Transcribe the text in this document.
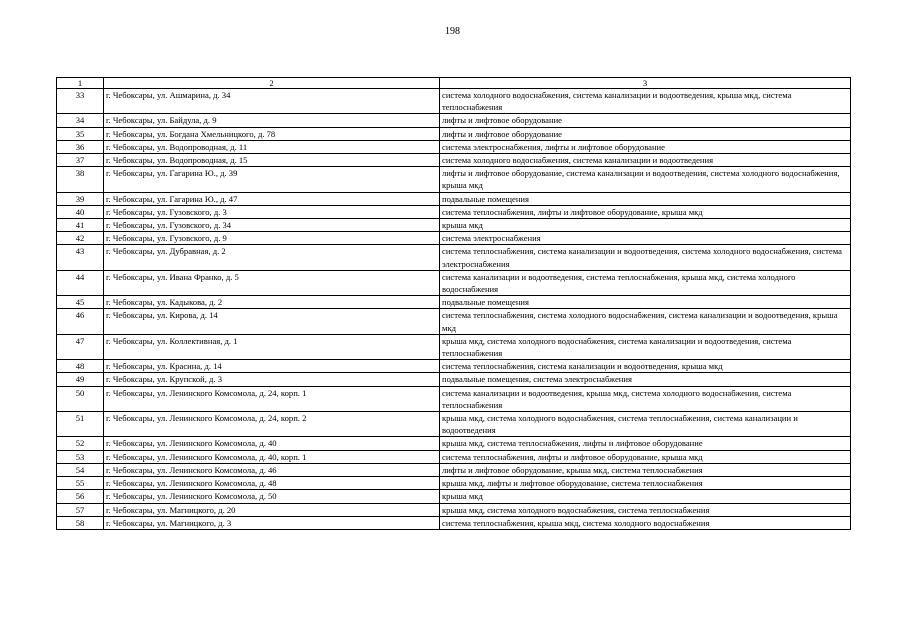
198
1	2	3
33	г. Чебоксары, ул. Ашмарина, д. 34	система холодного водоснабжения, система канализации и водоотведения, крыша мкд, система теплоснабжения
34	г. Чебоксары, ул. Байдула, д. 9	лифты и лифтовое оборудование
35	г. Чебоксары, ул. Богдана Хмельницкого, д. 78	лифты и лифтовое оборудование
36	г. Чебоксары, ул. Водопроводная, д. 11	система электроснабжения, лифты и лифтовое оборудование
37	г. Чебоксары, ул. Водопроводная, д. 15	система холодного водоснабжения, система канализации и водоотведения
38	г. Чебоксары, ул. Гагарина Ю., д. 39	лифты и лифтовое оборудование, система канализации и водоотведения, система холодного водоснабжения, крыша мкд
39	г. Чебоксары, ул. Гагарина Ю., д. 47	подвальные помещения
40	г. Чебоксары, ул. Гузовского, д. 3	система теплоснабжения, лифты и лифтовое оборудование, крыша мкд
41	г. Чебоксары, ул. Гузовского, д. 34	крыша мкд
42	г. Чебоксары, ул. Гузовского, д. 9	система электроснабжения
43	г. Чебоксары, ул. Дубравная, д. 2	система теплоснабжения, система канализации и водоотведения, система холодного водоснабжения, система электроснабжения
44	г. Чебоксары, ул. Ивана Франко, д. 5	система канализации и водоотведения, система теплоснабжения, крыша мкд, система холодного водоснабжения
45	г. Чебоксары, ул. Кадыкова, д. 2	подвальные помещения
46	г. Чебоксары, ул. Кирова, д. 14	система теплоснабжения, система холодного водоснабжения, система канализации и водоотведения, крыша мкд
47	г. Чебоксары, ул. Коллективная, д. 1	крыша мкд, система холодного водоснабжения, система канализации и водоотведения, система теплоснабжения
48	г. Чебоксары, ул. Красина, д. 14	система теплоснабжения, система канализации и водоотведения, крыша мкд
49	г. Чебоксары, ул. Крупской, д. 3	подвальные помещения, система электроснабжения
50	г. Чебоксары, ул. Ленинского Комсомола, д. 24, корп. 1	система канализации и водоотведения, крыша мкд, система холодного водоснабжения, система теплоснабжения
51	г. Чебоксары, ул. Ленинского Комсомола, д. 24, корп. 2	крыша мкд, система холодного водоснабжения, система теплоснабжения, система канализации и водоотведения
52	г. Чебоксары, ул. Ленинского Комсомола, д. 40	крыша мкд, система теплоснабжения, лифты и лифтовое оборудование
53	г. Чебоксары, ул. Ленинского Комсомола, д. 40, корп. 1	система теплоснабжения, лифты и лифтовое оборудование, крыша мкд
54	г. Чебоксары, ул. Ленинского Комсомола, д. 46	лифты и лифтовое оборудование, крыша мкд, система теплоснабжения
55	г. Чебоксары, ул. Ленинского Комсомола, д. 48	крыша мкд, лифты и лифтовое оборудование, система теплоснабжения
56	г. Чебоксары, ул. Ленинского Комсомола, д. 50	крыша мкд
57	г. Чебоксары, ул. Магницкого, д. 20	крыша мкд, система холодного водоснабжения, система теплоснабжения
58	г. Чебоксары, ул. Магницкого, д. 3	система теплоснабжения, крыша мкд, система холодного водоснабжения
